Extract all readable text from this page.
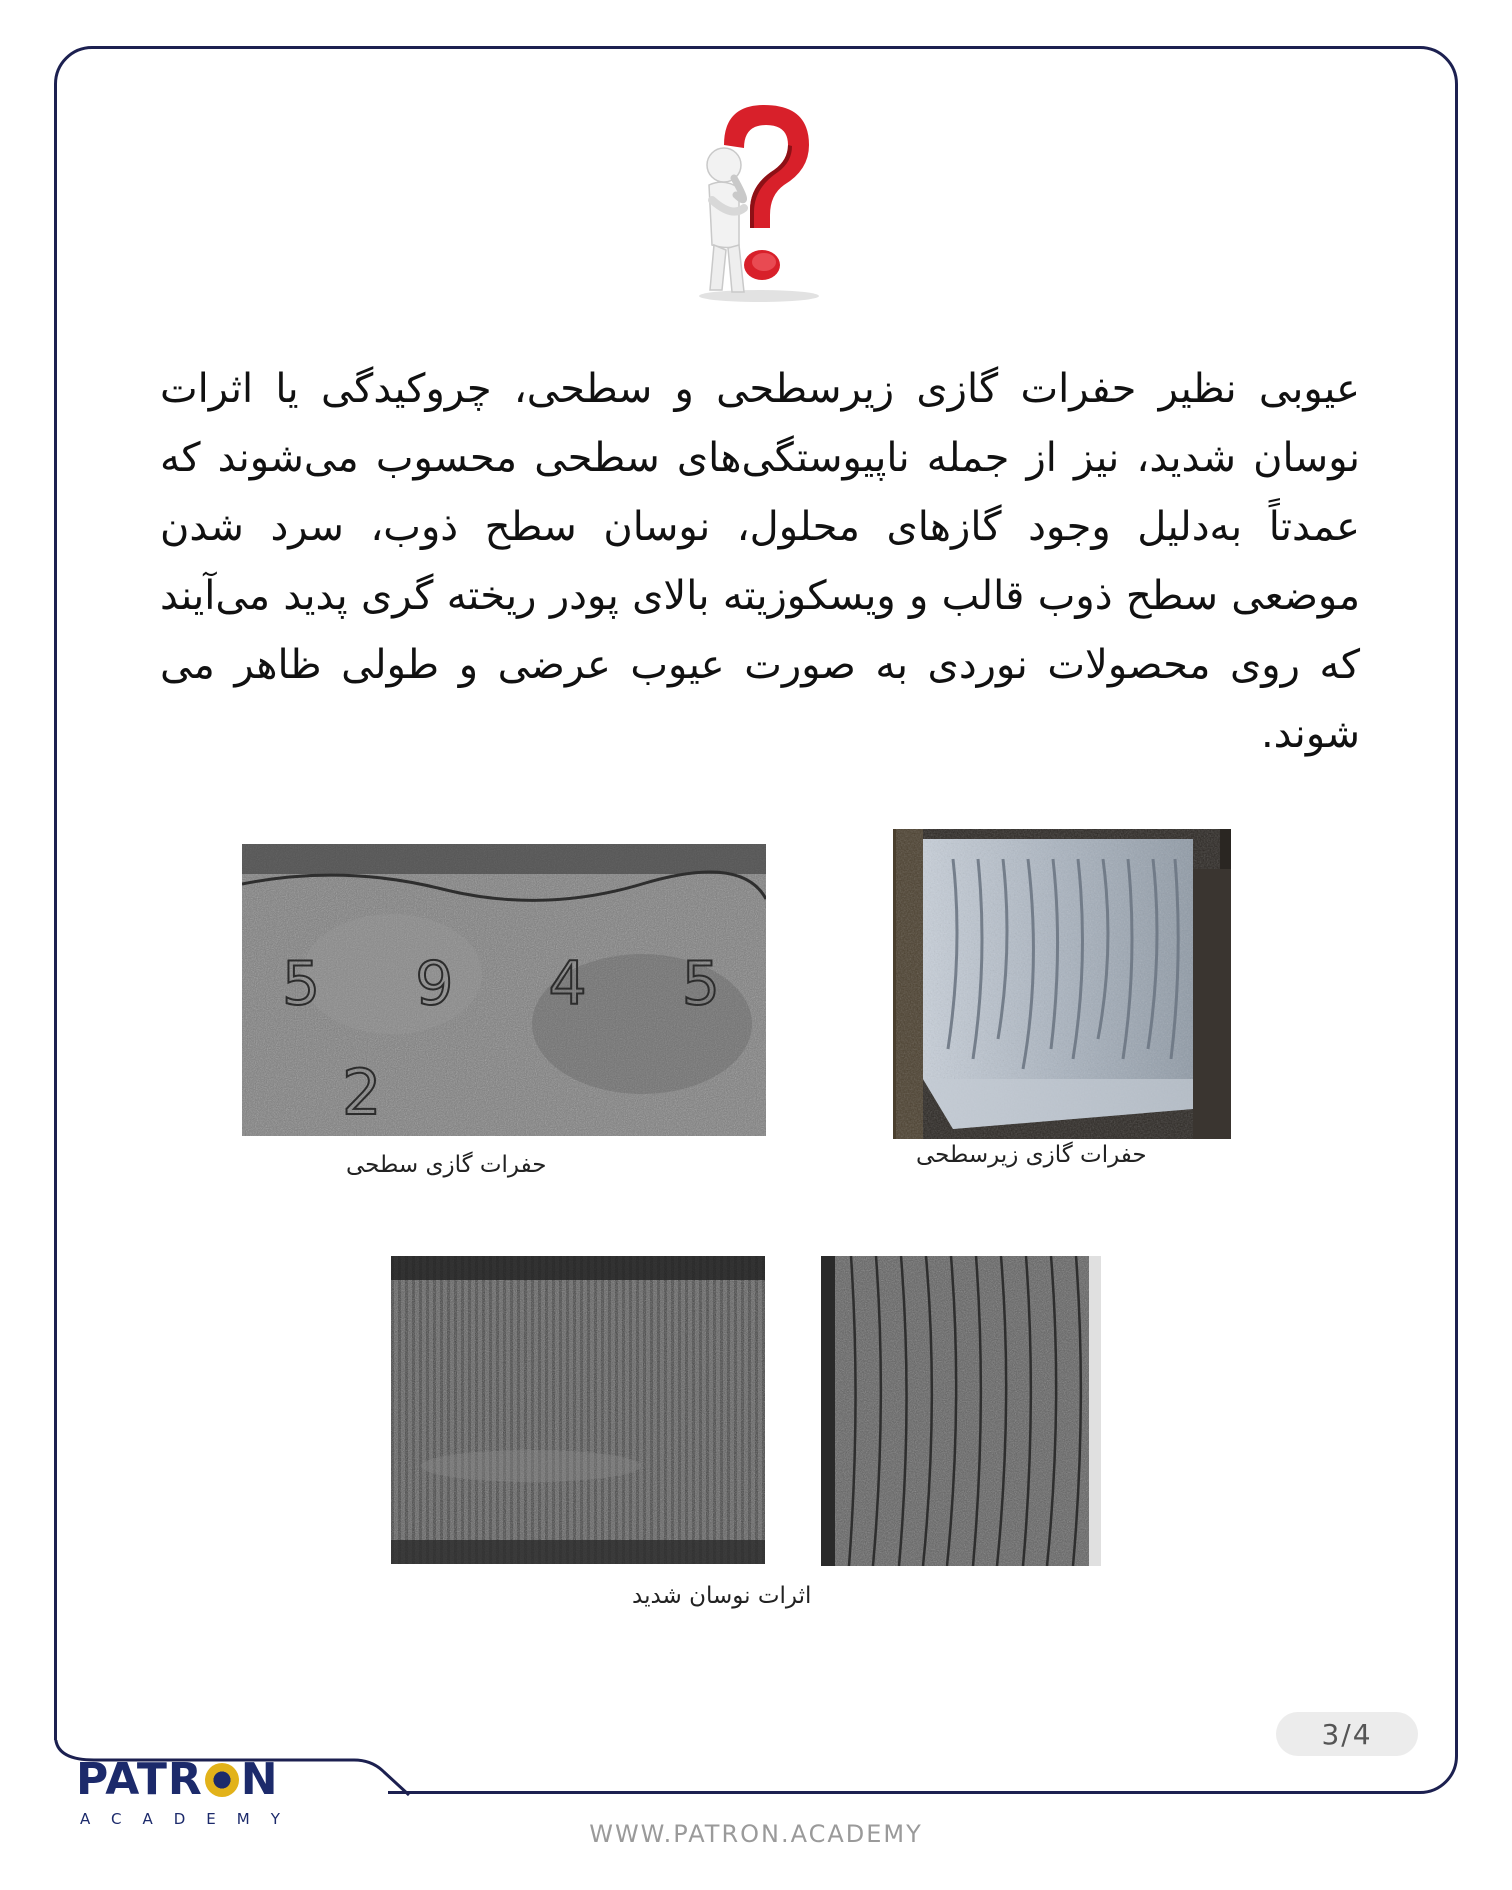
عیوبی نظیر حفرات گازی زیرسطحی و سطحی، چروکیدگی یا اثرات نوسان شدید، نیز از جمله ناپیوستگی‌های سطحی محسوب می‌شوند که عمدتاً به‌دلیل وجود گازهای محلول، نوسان سطح ذوب، سرد شدن موضعی سطح ذوب قالب و ویسکوزیته بالای پودر ریخته گری پدید می‌آیند که روی محصولات نوردی به صورت عیوب عرضی و طولی ظاهر می شوند.
5 9 4 5
2
حفرات گازی سطحی	حفرات گازی زیرسطحی
اثرات نوسان شدید
3/4
PATR N
ACADEMY
WWW.PATRON.ACADEMY
